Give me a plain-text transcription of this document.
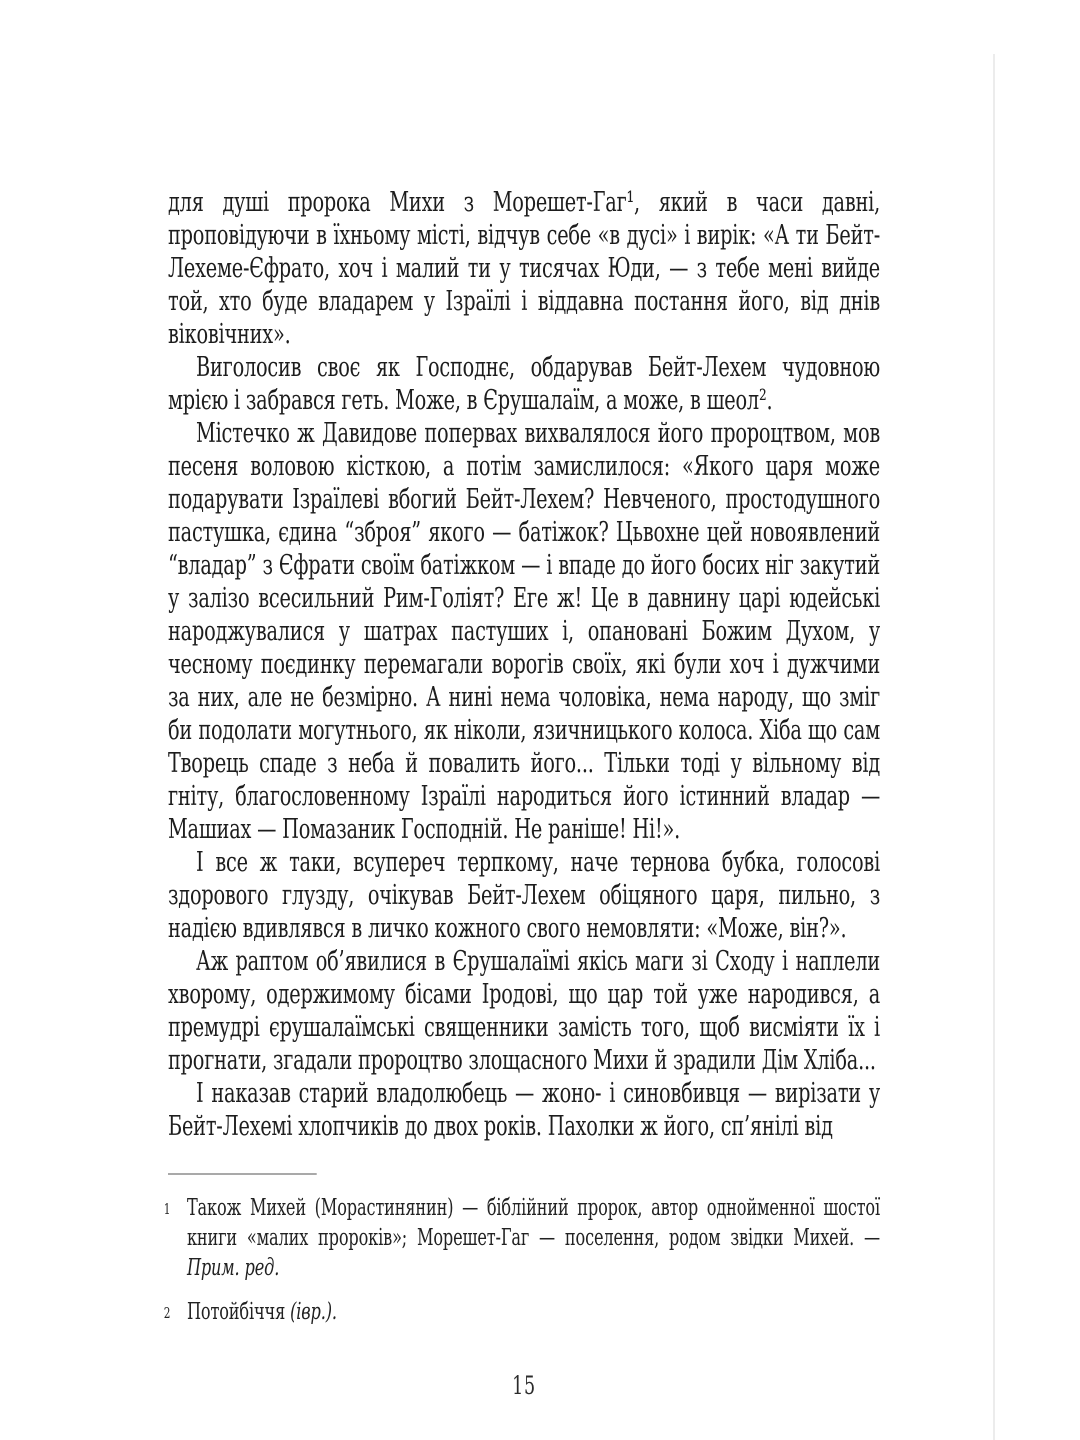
для душі пророка Михи з Морешет-Гаг¹, який в часи давні, проповідуючи в їхньому місті, відчув себе «в дусі» і вирік: «А ти Бейт-Лехеме-Єфрато, хоч і малий ти у тисячах Юди, — з тебе мені вийде той, хто буде владарем у Ізраїлі і віддавна постання його, від днів віковічних».

Виголосив своє як Господнє, обдарував Бейт-Лехем чудовною мрією і забрався геть. Може, в Єрушалаїм, а може, в шеол².

Містечко ж Давидове попервах вихвалялося його пророцтвом, мов песеня воловою кісткою, а потім замислилося: «Якого царя може подарувати Ізраїлеві вбогий Бейт-Лехем? Невченого, простодушного пастушка, єдина “зброя” якого — батіжок? Цьвохне цей новоявлений “владар” з Єфрати своїм батіжком — і впаде до його босих ніг закутий у залізо всесильний Рим-Голіят? Еге ж! Це в давнину царі юдейські народжувалися у шатрах пастуших і, опановані Божим Духом, у чесному поєдинку перемагали ворогів своїх, які були хоч і дужчими за них, але не безмірно. А нині нема чоловіка, нема народу, що зміг би подолати могутнього, як ніколи, язичницького колоса. Хіба що сам Творець спаде з неба й повалить його... Тільки тоді у вільному від гніту, благословенному Ізраїлі народиться його істинний владар — Машиах — Помазаник Господній. Не раніше! Ні!».

І все ж таки, всупереч терпкому, наче тернова бубка, голосові здорового глузду, очікував Бейт-Лехем обіцяного царя, пильно, з надією вдивлявся в личко кожного свого немовляти: «Може, він?».

Аж раптом об’явилися в Єрушалаїмі якісь маги зі Сходу і наплели хворому, одержимому бісами Іродові, що цар той уже народився, а премудрі єрушалаїмські священники замість того, щоб висміяти їх і прогнати, згадали пророцтво злощасного Михи й зрадили Дім Хліба...

І наказав старий владолюбець — жоно- і синовбивця — вирізати у Бейт-Лехемі хлопчиків до двох років. Пахолки ж його, сп’янілі від

1 Також Михей (Морастинянин) — біблійний пророк, автор однойменної шостої книги «малих пророків»; Морешет-Гаг — поселення, родом звідки Михей. — Прим. ред.
2 Потойбіччя (івр.).
15
